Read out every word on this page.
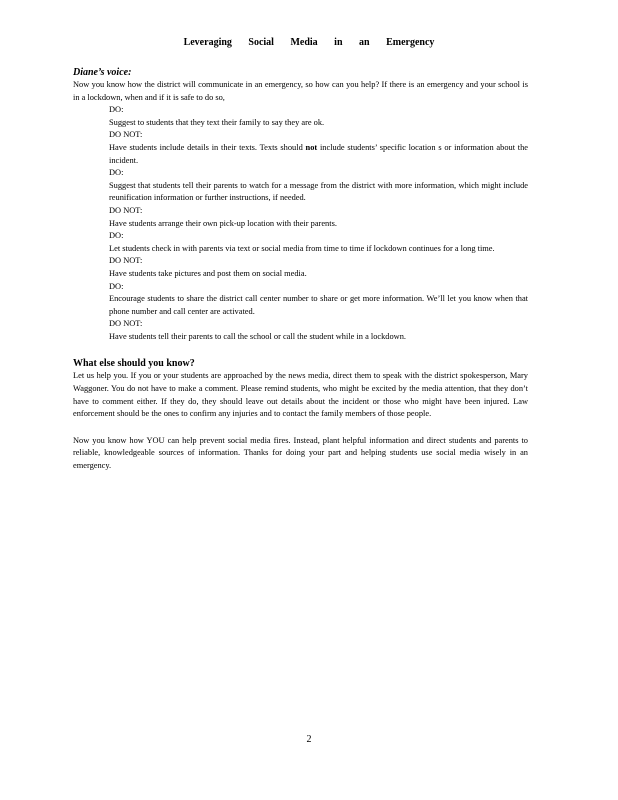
Leveraging Social Media in an Emergency
Diane’s voice:

Now you know how the district will communicate in an emergency, so how can you help? If there is an emergency and your school is in a lockdown, when and if it is safe to do so,

DO:

Suggest to students that they text their family to say they are ok.

DO NOT:

Have students include details in their texts. Texts should not include students’ specific location s or information about the incident.

DO:

Suggest that students tell their parents to watch for a message from the district with more information, which might include reunification information or further instructions, if needed.

DO NOT:

Have students arrange their own pick-up location with their parents.

DO:

Let students check in with parents via text or social media from time to time if lockdown continues for a long time.

DO NOT:

Have students take pictures and post them on social media.

DO:

Encourage students to share the district call center number to share or get more information. We’ll let you know when that phone number and call center are activated.

DO NOT:

Have students tell their parents to call the school or call the student while in a lockdown.

What else should you know?

Let us help you. If you or your students are approached by the news media, direct them to speak with the district spokesperson, Mary Waggoner. You do not have to make a comment. Please remind students, who might be excited by the media attention, that they don’t have to comment either. If they do, they should leave out details about the incident or those who might have been injured. Law enforcement should be the ones to confirm any injuries and to contact the family members of those people.

Now you know how YOU can help prevent social media fires. Instead, plant helpful information and direct students and parents to reliable, knowledgeable sources of information. Thanks for doing your part and helping students use social media wisely in an emergency.

2
